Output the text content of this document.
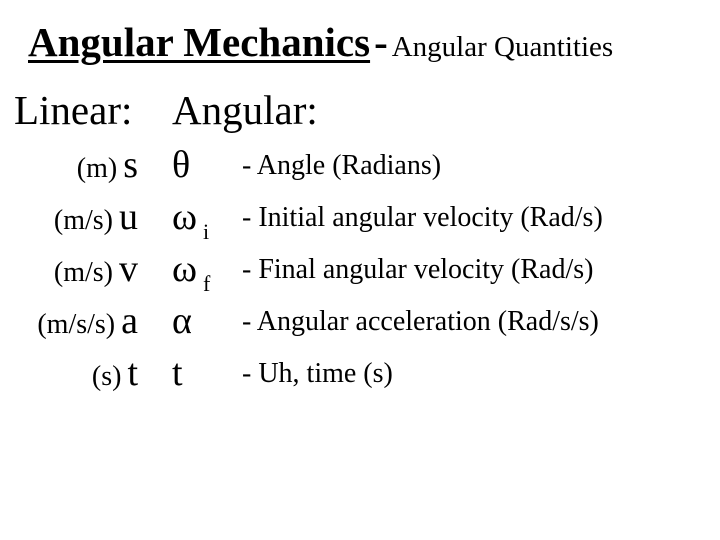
Angular Mechanics - Angular Quantities
Linear: Angular:
(m) s θ - Angle (Radians)
(m/s) u ω $_i$ - Initial angular velocity (Rad/s)
(m/s) v ω $_f$ - Final angular velocity (Rad/s)
(m/s/s) a α - Angular acceleration (Rad/s/s)
(s) t t - Uh, time (s)
